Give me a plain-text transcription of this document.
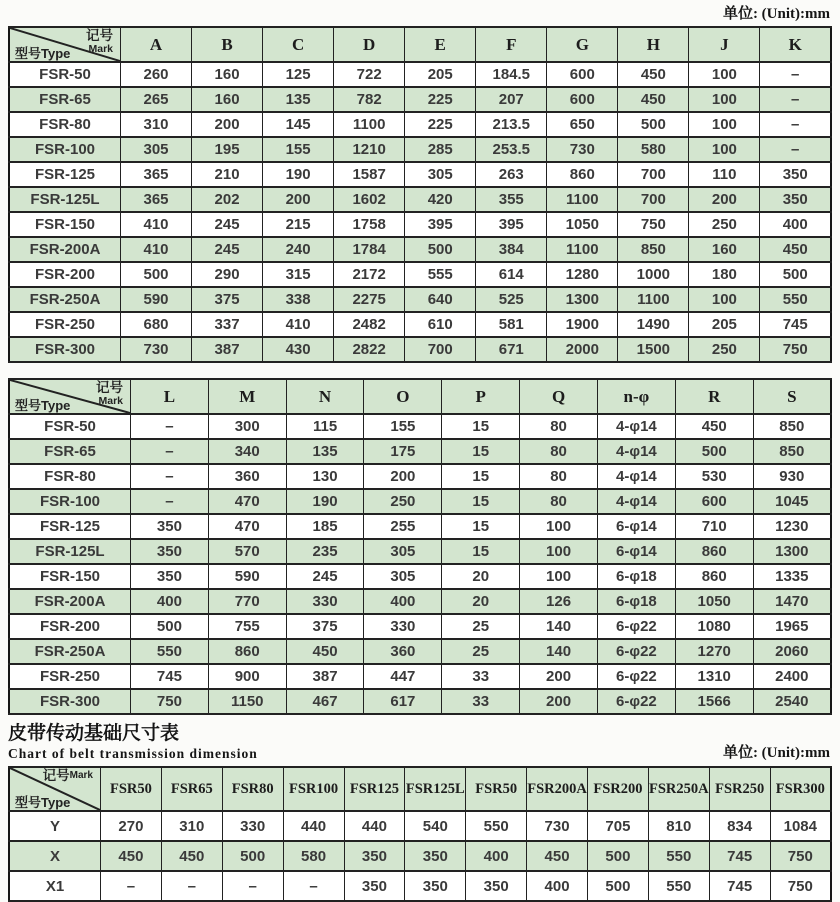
单位: (Unit):mm
记号
Mark
型号Type	A	B	C	D	E	F	G	H	J	K
FSR-50	260	160	125	722	205	184.5	600	450	100	–
FSR-65	265	160	135	782	225	207	600	450	100	–
FSR-80	310	200	145	1100	225	213.5	650	500	100	–
FSR-100	305	195	155	1210	285	253.5	730	580	100	–
FSR-125	365	210	190	1587	305	263	860	700	110	350
FSR-125L	365	202	200	1602	420	355	1100	700	200	350
FSR-150	410	245	215	1758	395	395	1050	750	250	400
FSR-200A	410	245	240	1784	500	384	1100	850	160	450
FSR-200	500	290	315	2172	555	614	1280	1000	180	500
FSR-250A	590	375	338	2275	640	525	1300	1100	100	550
FSR-250	680	337	410	2482	610	581	1900	1490	205	745
FSR-300	730	387	430	2822	700	671	2000	1500	250	750
记号
Mark
型号Type	L	M	N	O	P	Q	n-φ	R	S
FSR-50	–	300	115	155	15	80	4-φ14	450	850
FSR-65	–	340	135	175	15	80	4-φ14	500	850
FSR-80	–	360	130	200	15	80	4-φ14	530	930
FSR-100	–	470	190	250	15	80	4-φ14	600	1045
FSR-125	350	470	185	255	15	100	6-φ14	710	1230
FSR-125L	350	570	235	305	15	100	6-φ14	860	1300
FSR-150	350	590	245	305	20	100	6-φ18	860	1335
FSR-200A	400	770	330	400	20	126	6-φ18	1050	1470
FSR-200	500	755	375	330	25	140	6-φ22	1080	1965
FSR-250A	550	860	450	360	25	140	6-φ22	1270	2060
FSR-250	745	900	387	447	33	200	6-φ22	1310	2400
FSR-300	750	1150	467	617	33	200	6-φ22	1566	2540
皮带传动基础尺寸表
Chart of belt transmission dimension	单位: (Unit):mm
记号Mark
型号Type	FSR50	FSR65	FSR80	FSR100	FSR125	FSR125L	FSR50	FSR200A	FSR200	FSR250A	FSR250	FSR300
Y	270	310	330	440	440	540	550	730	705	810	834	1084
X	450	450	500	580	350	350	400	450	500	550	745	750
X1	–	–	–	–	350	350	350	400	500	550	745	750
